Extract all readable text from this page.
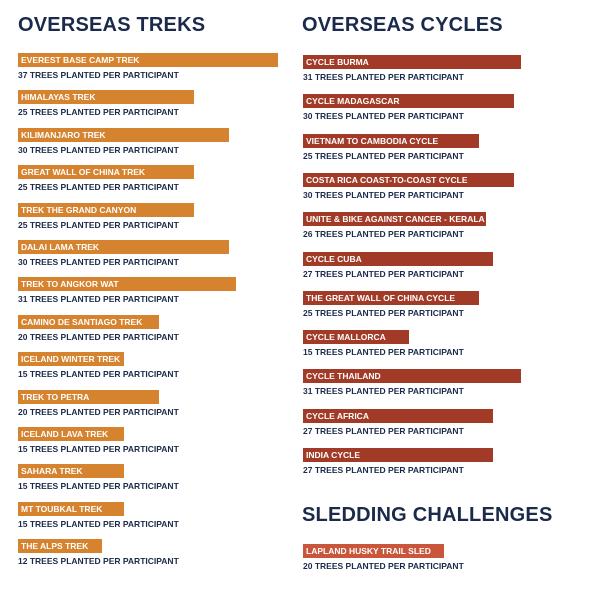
OVERSEAS TREKS	OVERSEAS CYCLES
SLEDDING CHALLENGES
EVEREST BASE CAMP TREK
37 TREES PLANTED PER PARTICIPANT
HIMALAYAS TREK
25 TREES PLANTED PER PARTICIPANT
KILIMANJARO TREK
30 TREES PLANTED PER PARTICIPANT
GREAT WALL OF CHINA TREK
25 TREES PLANTED PER PARTICIPANT
TREK THE GRAND CANYON
25 TREES PLANTED PER PARTICIPANT
DALAI LAMA TREK
30 TREES PLANTED PER PARTICIPANT
TREK TO ANGKOR WAT
31 TREES PLANTED PER PARTICIPANT
CAMINO DE SANTIAGO TREK
20 TREES PLANTED PER PARTICIPANT
ICELAND WINTER TREK
15 TREES PLANTED PER PARTICIPANT
TREK TO PETRA
20 TREES PLANTED PER PARTICIPANT
ICELAND LAVA TREK
15 TREES PLANTED PER PARTICIPANT
SAHARA TREK
15 TREES PLANTED PER PARTICIPANT
MT TOUBKAL TREK
15 TREES PLANTED PER PARTICIPANT
THE ALPS TREK
12 TREES PLANTED PER PARTICIPANT
CYCLE BURMA
31 TREES PLANTED PER PARTICIPANT
CYCLE MADAGASCAR
30 TREES PLANTED PER PARTICIPANT
VIETNAM TO CAMBODIA CYCLE
25 TREES PLANTED PER PARTICIPANT
COSTA RICA COAST-TO-COAST CYCLE
30 TREES PLANTED PER PARTICIPANT
UNITE & BIKE AGAINST CANCER - KERALA
26 TREES PLANTED PER PARTICIPANT
CYCLE CUBA
27 TREES PLANTED PER PARTICIPANT
THE GREAT WALL OF CHINA CYCLE
25 TREES PLANTED PER PARTICIPANT
CYCLE MALLORCA
15 TREES PLANTED PER PARTICIPANT
CYCLE THAILAND
31 TREES PLANTED PER PARTICIPANT
CYCLE AFRICA
27 TREES PLANTED PER PARTICIPANT
INDIA CYCLE
27 TREES PLANTED PER PARTICIPANT
LAPLAND HUSKY TRAIL SLED
20 TREES PLANTED PER PARTICIPANT
